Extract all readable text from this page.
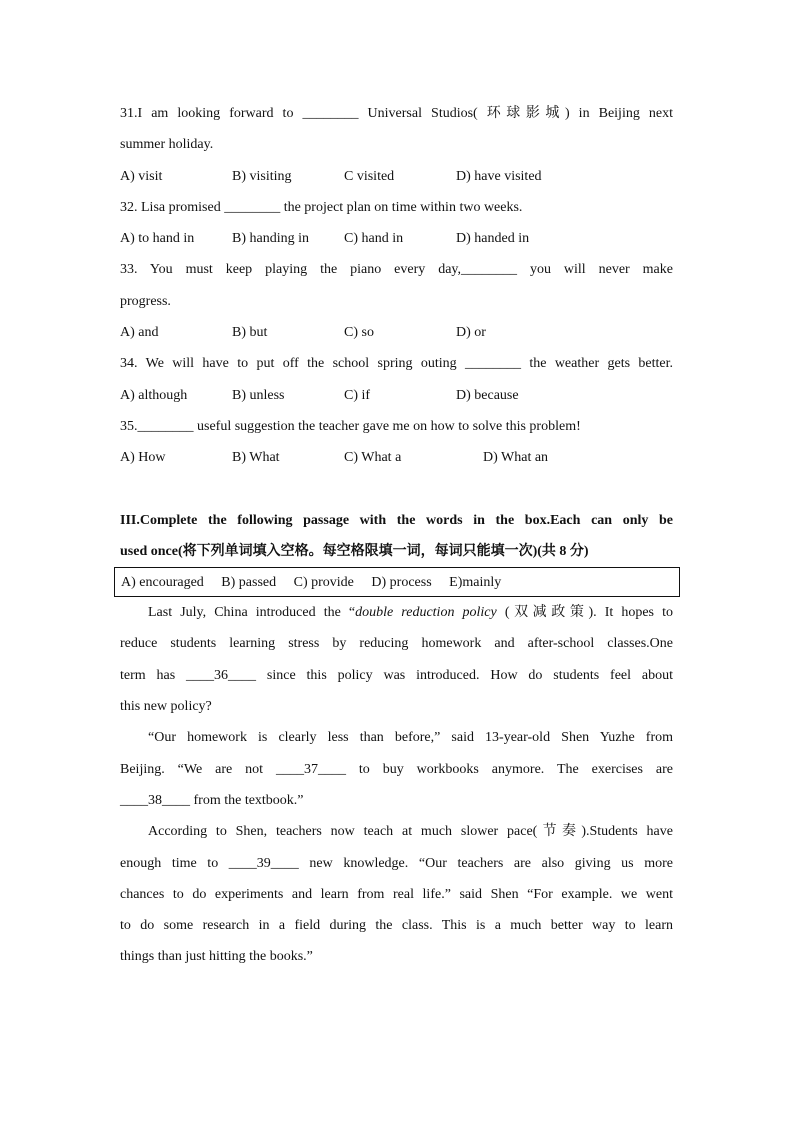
31.I am looking forward to ________ Universal Studios( 环球影城) in Beijing next
summer holiday.
A) visit	B) visiting	C visited	D) have visited
32. Lisa promised ________ the project plan on time within two weeks.
A) to hand in	B) handing in	C) hand in	D) handed in
33. You must keep playing the piano every day,________ you will never make
progress.
A) and	B) but	C) so	D) or
34. We will have to put off the school spring outing ________ the weather gets better.
A) although	B) unless	C) if	D) because
35.________ useful suggestion the teacher gave me on how to solve this problem!
A) How	B) What	C) What a	D) What an
III.Complete the following passage with the words in the box.Each can only be
used once(将下列单词填入空格。每空格限填一词，每词只能填一次)(共 8 分)
A) encouraged B) passed C) provide D) process E)mainly
Last July, China introduced the “double reduction policy (双减政策). It hopes to
reduce students learning stress by reducing homework and after-school classes.One
term has ____36____ since this policy was introduced. How do students feel about
this new policy?
“Our homework is clearly less than before,” said 13-year-old Shen Yuzhe from
Beijing. “We are not ____37____ to buy workbooks anymore. The exercises are
____38____ from the textbook.”
According to Shen, teachers now teach at much slower pace(节奏).Students have
enough time to ____39____ new knowledge. “Our teachers are also giving us more
chances to do experiments and learn from real life.” said Shen “For example. we went
to do some research in a field during the class. This is a much better way to learn
things than just hitting the books.”
